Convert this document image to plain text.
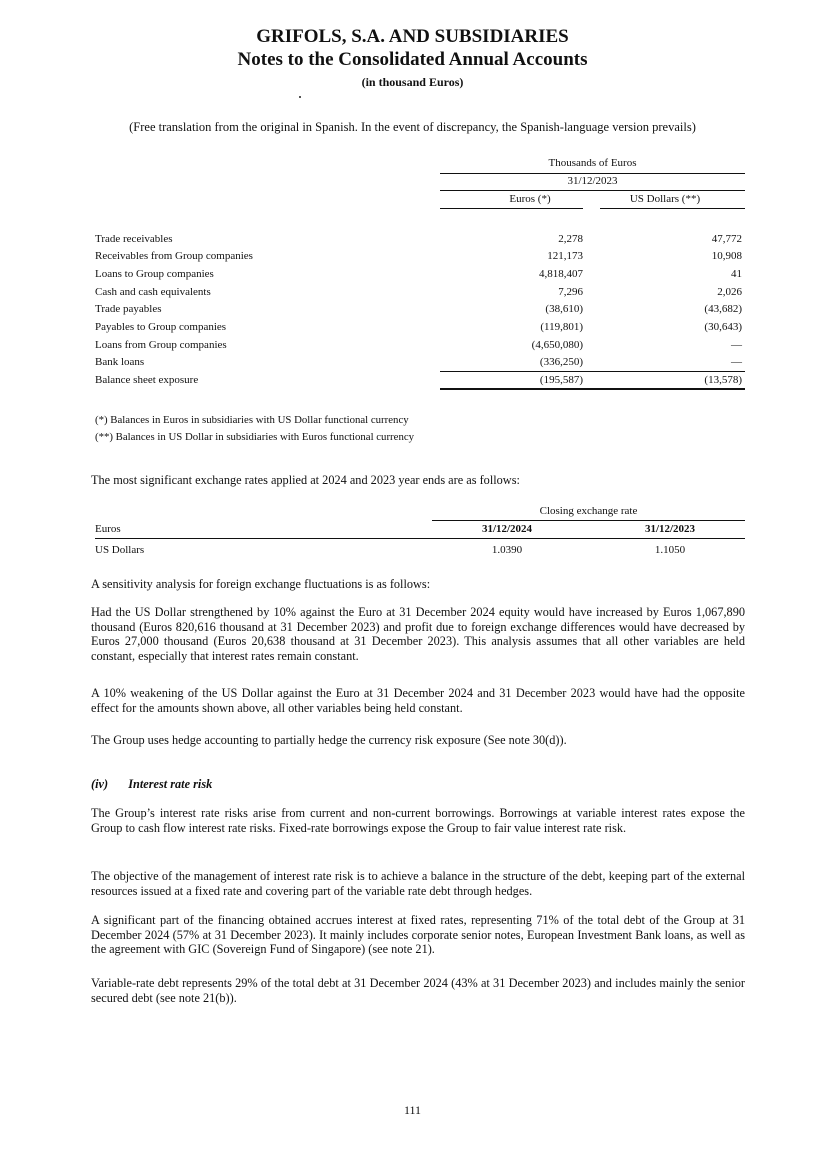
GRIFOLS, S.A. AND SUBSIDIARIES
Notes to the Consolidated Annual Accounts
(in thousand Euros)
(Free translation from the original in Spanish. In the event of discrepancy, the Spanish-language version prevails)
Thousands of Euros
31/12/2023
Euros (*)	US Dollars (**)
Trade receivables	2,278	47,772
Receivables from Group companies	121,173	10,908
Loans to Group companies	4,818,407	41
Cash and cash equivalents	7,296	2,026
Trade payables	(38,610)	(43,682)
Payables to Group companies	(119,801)	(30,643)
Loans from Group companies	(4,650,080)	—
Bank loans	(336,250)	—
Balance sheet exposure	(195,587)	(13,578)
(*) Balances in Euros in subsidiaries with US Dollar functional currency
(**) Balances in US Dollar in subsidiaries with Euros functional currency
The most significant exchange rates applied at 2024 and 2023 year ends are as follows:
Closing exchange rate
Euros	31/12/2024	31/12/2023
US Dollars	1.0390	1.1050
A sensitivity analysis for foreign exchange fluctuations is as follows:
Had the US Dollar strengthened by 10% against the Euro at 31 December 2024 equity would have increased by Euros 1,067,890 thousand (Euros 820,616 thousand at 31 December 2023) and profit due to foreign exchange differences would have decreased by Euros 27,000 thousand (Euros 20,638 thousand at 31 December 2023). This analysis assumes that all other variables are held constant, especially that interest rates remain constant.
A 10% weakening of the US Dollar against the Euro at 31 December 2024 and 31 December 2023 would have had the opposite effect for the amounts shown above, all other variables being held constant.
The Group uses hedge accounting to partially hedge the currency risk exposure (See note 30(d)).
(iv) Interest rate risk
The Group’s interest rate risks arise from current and non-current borrowings. Borrowings at variable interest rates expose the Group to cash flow interest rate risks. Fixed-rate borrowings expose the Group to fair value interest rate risk.
The objective of the management of interest rate risk is to achieve a balance in the structure of the debt, keeping part of the external resources issued at a fixed rate and covering part of the variable rate debt through hedges.
A significant part of the financing obtained accrues interest at fixed rates, representing 71% of the total debt of the Group at 31 December 2024 (57% at 31 December 2023). It mainly includes corporate senior notes, European Investment Bank loans, as well as the agreement with GIC (Sovereign Fund of Singapore) (see note 21).
Variable-rate debt represents 29% of the total debt at 31 December 2024 (43% at 31 December 2023) and includes mainly the senior secured debt (see note 21(b)).
111
